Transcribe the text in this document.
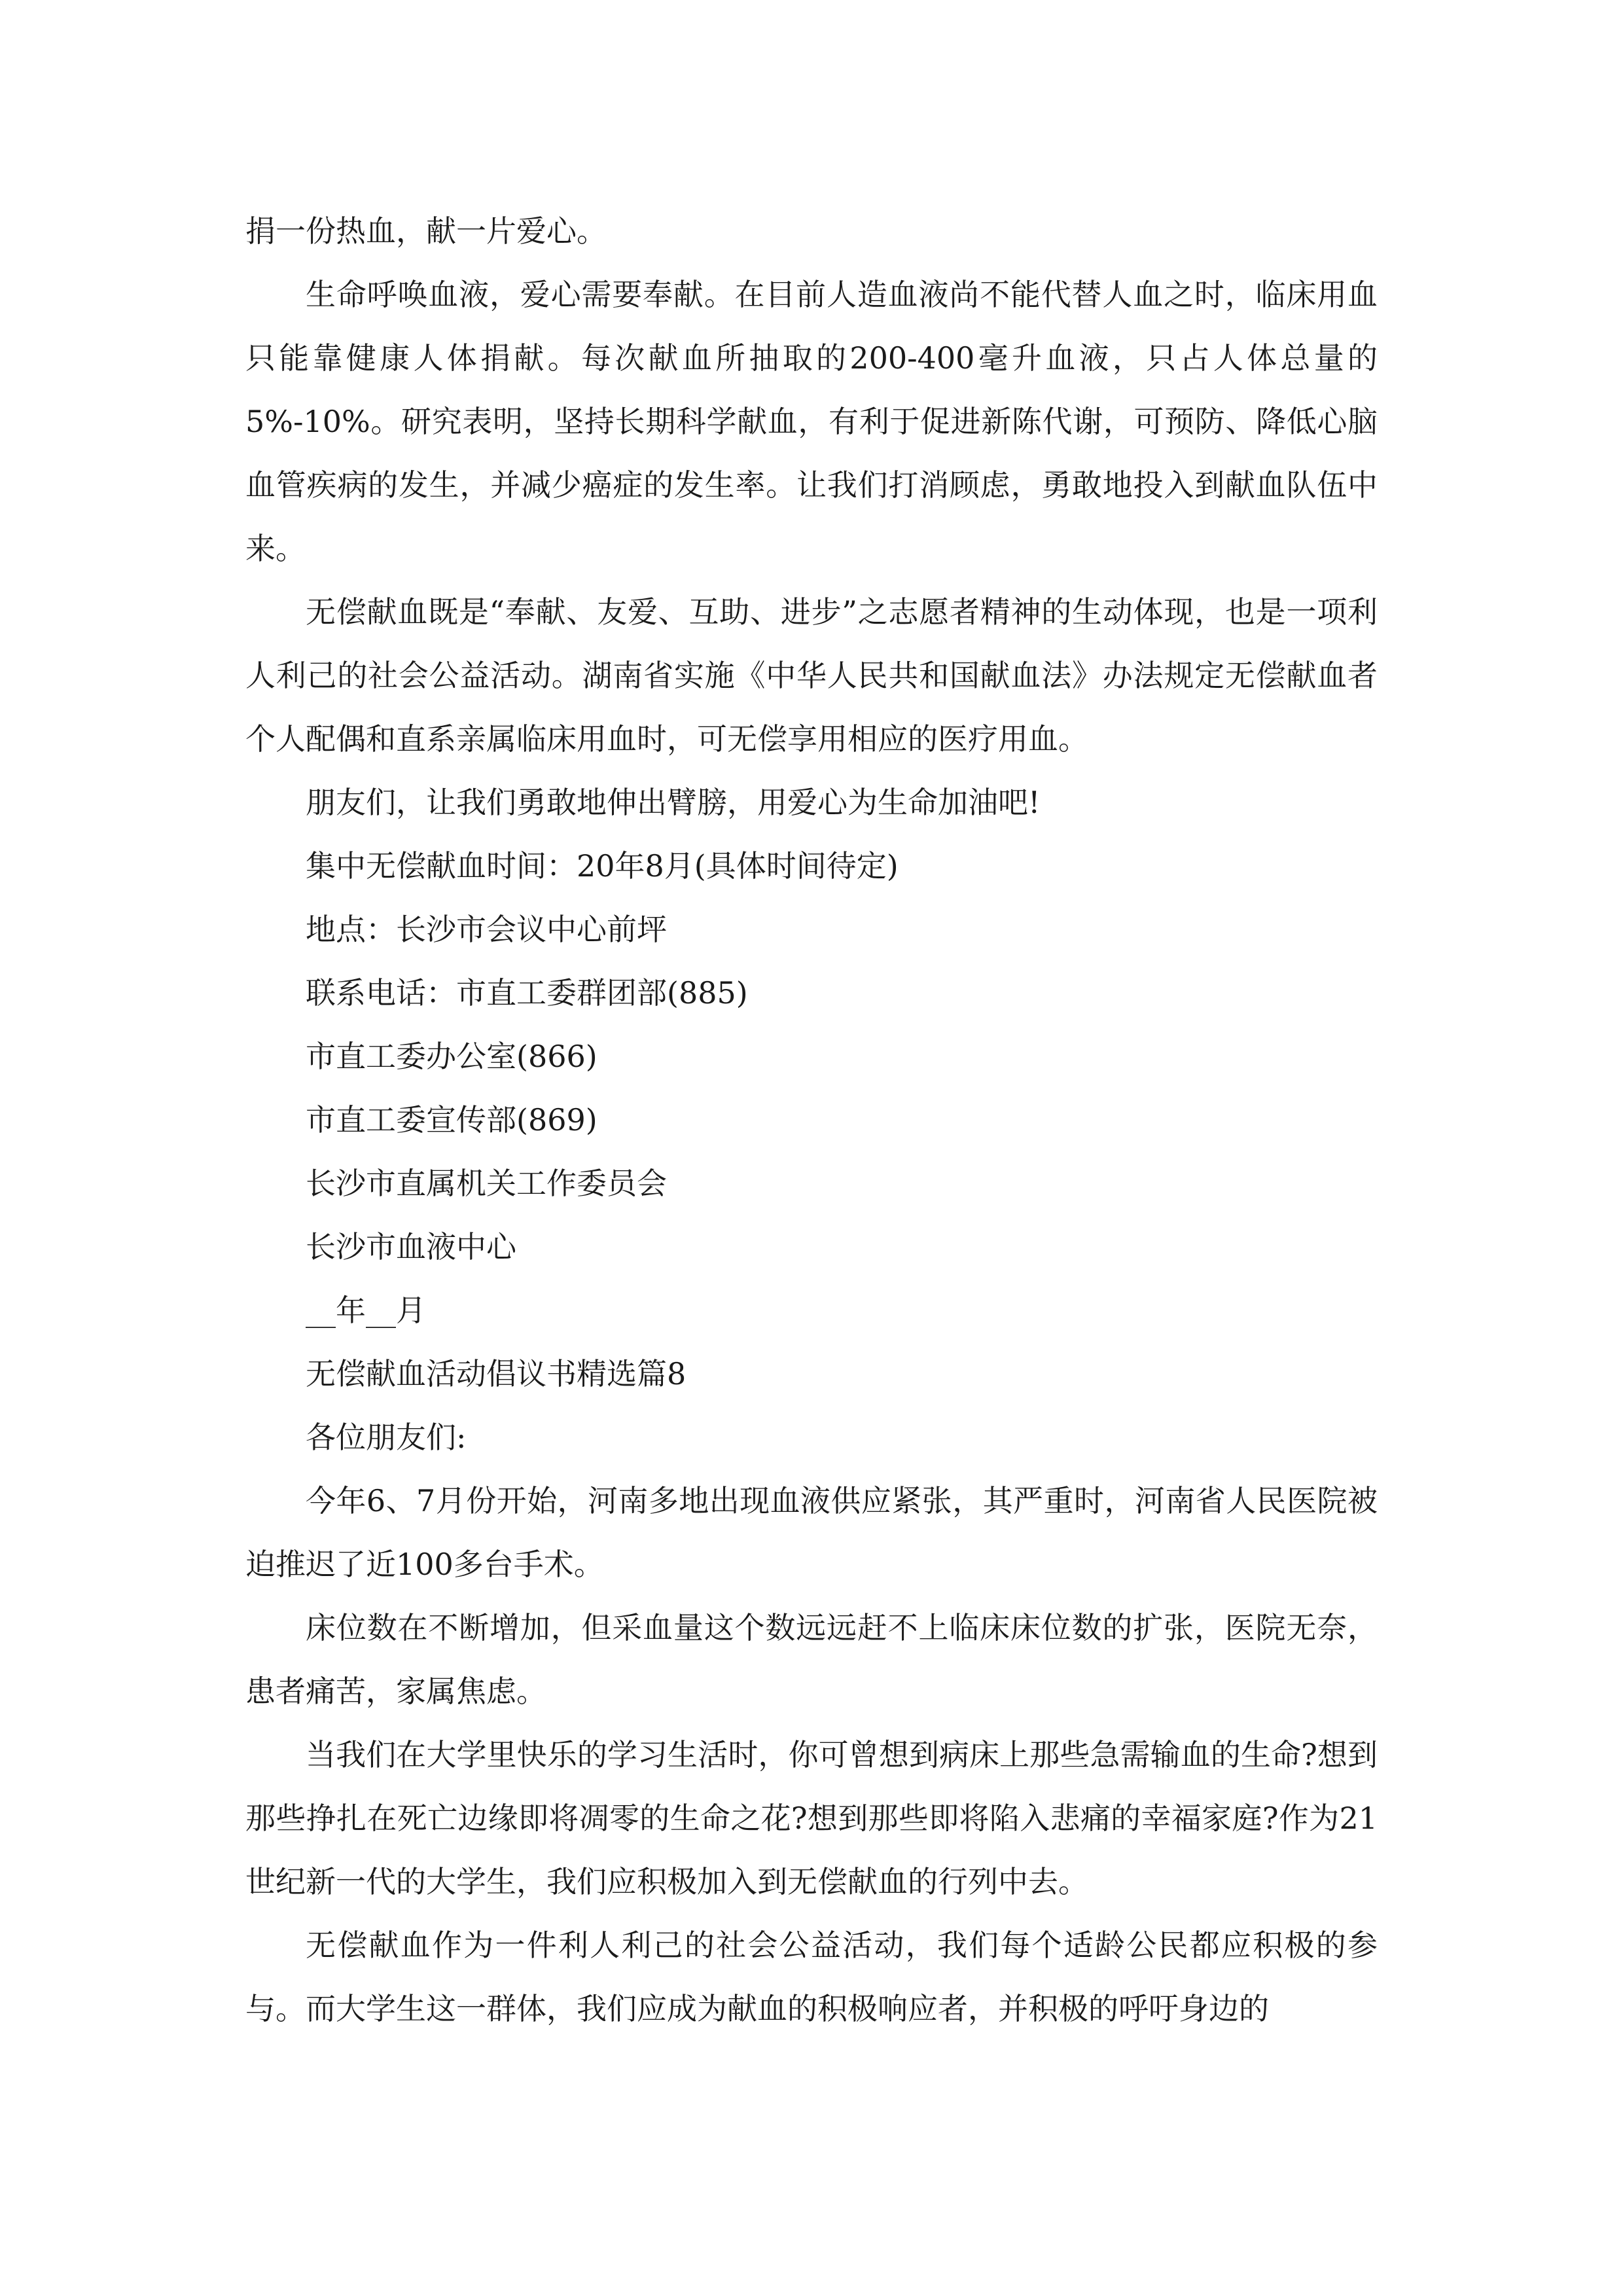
捐一份热血，献一片爱心。

生命呼唤血液，爱心需要奉献。在目前人造血液尚不能代替人血之时，临床用血只能靠健康人体捐献。每次献血所抽取的200-400毫升血液，只占人体总量的5%-10%。研究表明，坚持长期科学献血，有利于促进新陈代谢，可预防、降低心脑血管疾病的发生，并减少癌症的发生率。让我们打消顾虑，勇敢地投入到献血队伍中来。

无偿献血既是“奉献、友爱、互助、进步”之志愿者精神的生动体现，也是一项利人利己的社会公益活动。湖南省实施《中华人民共和国献血法》办法规定无偿献血者个人配偶和直系亲属临床用血时，可无偿享用相应的医疗用血。

朋友们，让我们勇敢地伸出臂膀，用爱心为生命加油吧!

集中无偿献血时间：20年8月(具体时间待定)

地点：长沙市会议中心前坪

联系电话：市直工委群团部(885)

市直工委办公室(866)

市直工委宣传部(869)

长沙市直属机关工作委员会

长沙市血液中心

__年__月

无偿献血活动倡议书精选篇8

各位朋友们:

今年6、7月份开始，河南多地出现血液供应紧张，其严重时，河南省人民医院被迫推迟了近100多台手术。

床位数在不断增加，但采血量这个数远远赶不上临床床位数的扩张，医院无奈，患者痛苦，家属焦虑。

当我们在大学里快乐的学习生活时，你可曾想到病床上那些急需输血的生命?想到那些挣扎在死亡边缘即将凋零的生命之花?想到那些即将陷入悲痛的幸福家庭?作为21世纪新一代的大学生，我们应积极加入到无偿献血的行列中去。

无偿献血作为一件利人利己的社会公益活动，我们每个适龄公民都应积极的参与。而大学生这一群体，我们应成为献血的积极响应者，并积极的呼吁身边的
